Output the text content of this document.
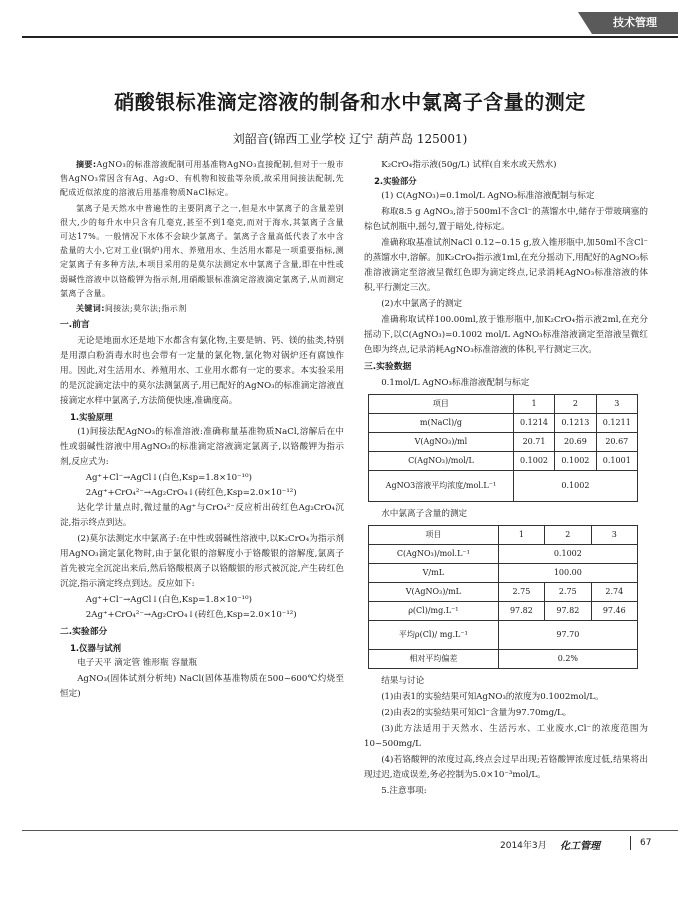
技术管理
硝酸银标准滴定溶液的制备和水中氯离子含量的测定
刘韶音(锦西工业学校 辽宁 葫芦岛 125001)

摘要:AgNO₃的标准溶液配制可用基准物AgNO₃直接配制,但对于一般市售AgNO₃常因含有Ag、Ag₂O、有机物和铵盐等杂质,故采用间接法配制,先配成近似浓度的溶液后用基准物质NaCl标定。

氯离子是天然水中普遍性的主要阴离子之一,但是水中氯离子的含量差别很大,少的每升水中只含有几毫克,甚至不到1毫克,而对于海水,其氯离子含量可达17%。一般情况下水体不会缺少氯离子。氯离子含量高低代表了水中含盐量的大小,它对工业(锅炉)用水、养殖用水、生活用水都是一项重要指标,测定氯离子有多种方法,本项目采用的是莫尔法测定水中氯离子含量,即在中性或弱碱性溶液中以铬酸钾为指示剂,用硝酸银标准滴定溶液滴定氯离子,从而测定氯离子含量。

关键词:间接法;莫尔法;指示剂

一.前言

无论是地面水还是地下水都含有氯化物,主要是钠、钙、镁的盐类,特别是用漂白粉消毒水时也会带有一定量的氯化物,氯化物对锅炉还有腐蚀作用。因此,对生活用水、养殖用水、工业用水都有一定的要求。本实验采用的是沉淀滴定法中的莫尔法测氯离子,用已配好的AgNO₃的标准滴定溶液直接滴定水样中氯离子,方法简便快速,准确度高。

1.实验原理

(1)间接法配AgNO₃的标准溶液:准确称量基准物质NaCl,溶解后在中性或弱碱性溶液中用AgNO₃的标准滴定溶液滴定氯离子,以铬酸钾为指示剂,反应式为:

Ag⁺+Cl⁻→AgCl↓(白色,Ksp=1.8×10⁻¹⁰)

2Ag⁺+CrO₄²⁻→Ag₂CrO₄↓(砖红色,Ksp=2.0×10⁻¹²)

达化学计量点时,微过量的Ag⁺与CrO₄²⁻反应析出砖红色Ag₂CrO₄沉淀,指示终点到达。

(2)莫尔法测定水中氯离子:在中性或弱碱性溶液中,以K₂CrO₄为指示剂用AgNO₃滴定氯化物时,由于氯化银的溶解度小于铬酸银的溶解度,氯离子首先被完全沉淀出来后,然后铬酸根离子以铬酸银的形式被沉淀,产生砖红色沉淀,指示滴定终点到达。反应如下:

Ag⁺+Cl⁻→AgCl↓(白色,Ksp=1.8×10⁻¹⁰)

2Ag⁺+CrO₄²⁻→Ag₂CrO₄↓(砖红色,Ksp=2.0×10⁻¹²)

二.实验部分

1.仪器与试剂

电子天平 滴定管 锥形瓶 容量瓶

AgNO₃(固体试剂分析纯) NaCl(固体基准物质在500~600℃灼烧至恒定)

K₂CrO₄指示液(50g/L) 试样(自来水或天然水)

2.实验部分

(1) C(AgNO₃)=0.1mol/L AgNO₃标准溶液配制与标定

称取8.5 g AgNO₃,溶于500ml不含Cl⁻的蒸馏水中,储存于带玻璃塞的棕色试剂瓶中,摇匀,置于暗处,待标定。

准确称取基准试剂NaCl 0.12~0.15 g,放入锥形瓶中,加50ml不含Cl⁻的蒸馏水中,溶解。加K₂CrO₄指示液1ml,在充分摇动下,用配好的AgNO₃标准溶液滴定至溶液呈微红色即为滴定终点,记录消耗AgNO₃标准溶液的体积,平行测定三次。

(2)水中氯离子的测定

准确称取试样100.00ml,放于锥形瓶中,加K₂CrO₄指示液2ml,在充分摇动下,以C(AgNO₃)=0.1002 mol/L AgNO₃标准溶液滴定至溶液呈微红色即为终点,记录消耗AgNO₃标准溶液的体积,平行测定三次。

三.实验数据

0.1mol/L AgNO₃标准溶液配制与标定

项目	1	2	3
m(NaCl)/g	0.1214	0.1213	0.1211
V(AgNO₃)/ml	20.71	20.69	20.67
C(AgNO₃)/mol/L	0.1002	0.1002	0.1001
AgNO3溶液平均浓度/mol.L⁻¹	0.1002		

水中氯离子含量的测定

项目	1	2	3
C(AgNO₃)/mol.L⁻¹	0.1002		
V/mL	100.00		
V(AgNO₃)/mL	2.75	2.75	2.74
ρ(Cl)/mg.L⁻¹	97.82	97.82	97.46
平均ρ(Cl)/ mg.L⁻¹	97.70		
相对平均偏差	0.2%		

结果与讨论

(1)由表1的实验结果可知AgNO₃的浓度为0.1002mol/L。

(2)由表2的实验结果可知Cl⁻含量为97.70mg/L。

(3)此方法适用于天然水、生活污水、工业废水,Cl⁻的浓度范围为10~500mg/L

(4)若铬酸钾的浓度过高,终点会过早出现;若铬酸钾浓度过低,结果将出现过迟,造成误差,务必控制为5.0×10⁻³mol/L。

5.注意事项:

2014年3月 化工管理	67
